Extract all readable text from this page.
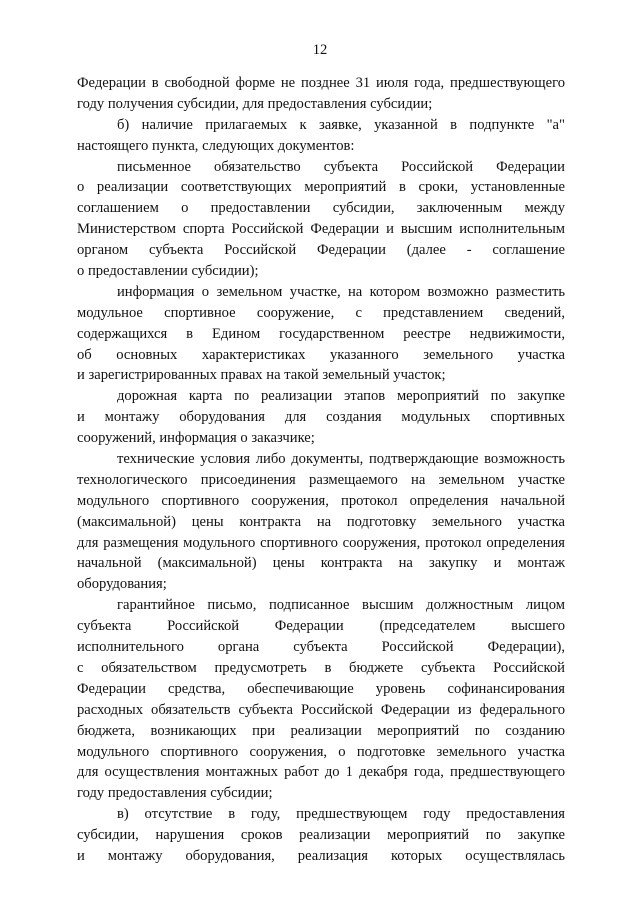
12
Федерации в свободной форме не позднее 31 июля года, предшествующего
году получения субсидии, для предоставления субсидии;
б) наличие прилагаемых к заявке, указанной в подпункте "а"
настоящего пункта, следующих документов:
письменное обязательство субъекта Российской Федерации
о реализации соответствующих мероприятий в сроки, установленные
соглашением о предоставлении субсидии, заключенным между
Министерством спорта Российской Федерации и высшим исполнительным
органом субъекта Российской Федерации (далее - соглашение
о предоставлении субсидии);
информация о земельном участке, на котором возможно разместить
модульное спортивное сооружение, с представлением сведений,
содержащихся в Едином государственном реестре недвижимости,
об основных характеристиках указанного земельного участка
и зарегистрированных правах на такой земельный участок;
дорожная карта по реализации этапов мероприятий по закупке
и монтажу оборудования для создания модульных спортивных
сооружений, информация о заказчике;
технические условия либо документы, подтверждающие возможность
технологического присоединения размещаемого на земельном участке
модульного спортивного сооружения, протокол определения начальной
(максимальной) цены контракта на подготовку земельного участка
для размещения модульного спортивного сооружения, протокол определения
начальной (максимальной) цены контракта на закупку и монтаж
оборудования;
гарантийное письмо, подписанное высшим должностным лицом
субъекта Российской Федерации (председателем высшего
исполнительного органа субъекта Российской Федерации),
с обязательством предусмотреть в бюджете субъекта Российской
Федерации средства, обеспечивающие уровень софинансирования
расходных обязательств субъекта Российской Федерации из федерального
бюджета, возникающих при реализации мероприятий по созданию
модульного спортивного сооружения, о подготовке земельного участка
для осуществления монтажных работ до 1 декабря года, предшествующего
году предоставления субсидии;
в) отсутствие в году, предшествующем году предоставления
субсидии, нарушения сроков реализации мероприятий по закупке
и монтажу оборудования, реализация которых осуществлялась
